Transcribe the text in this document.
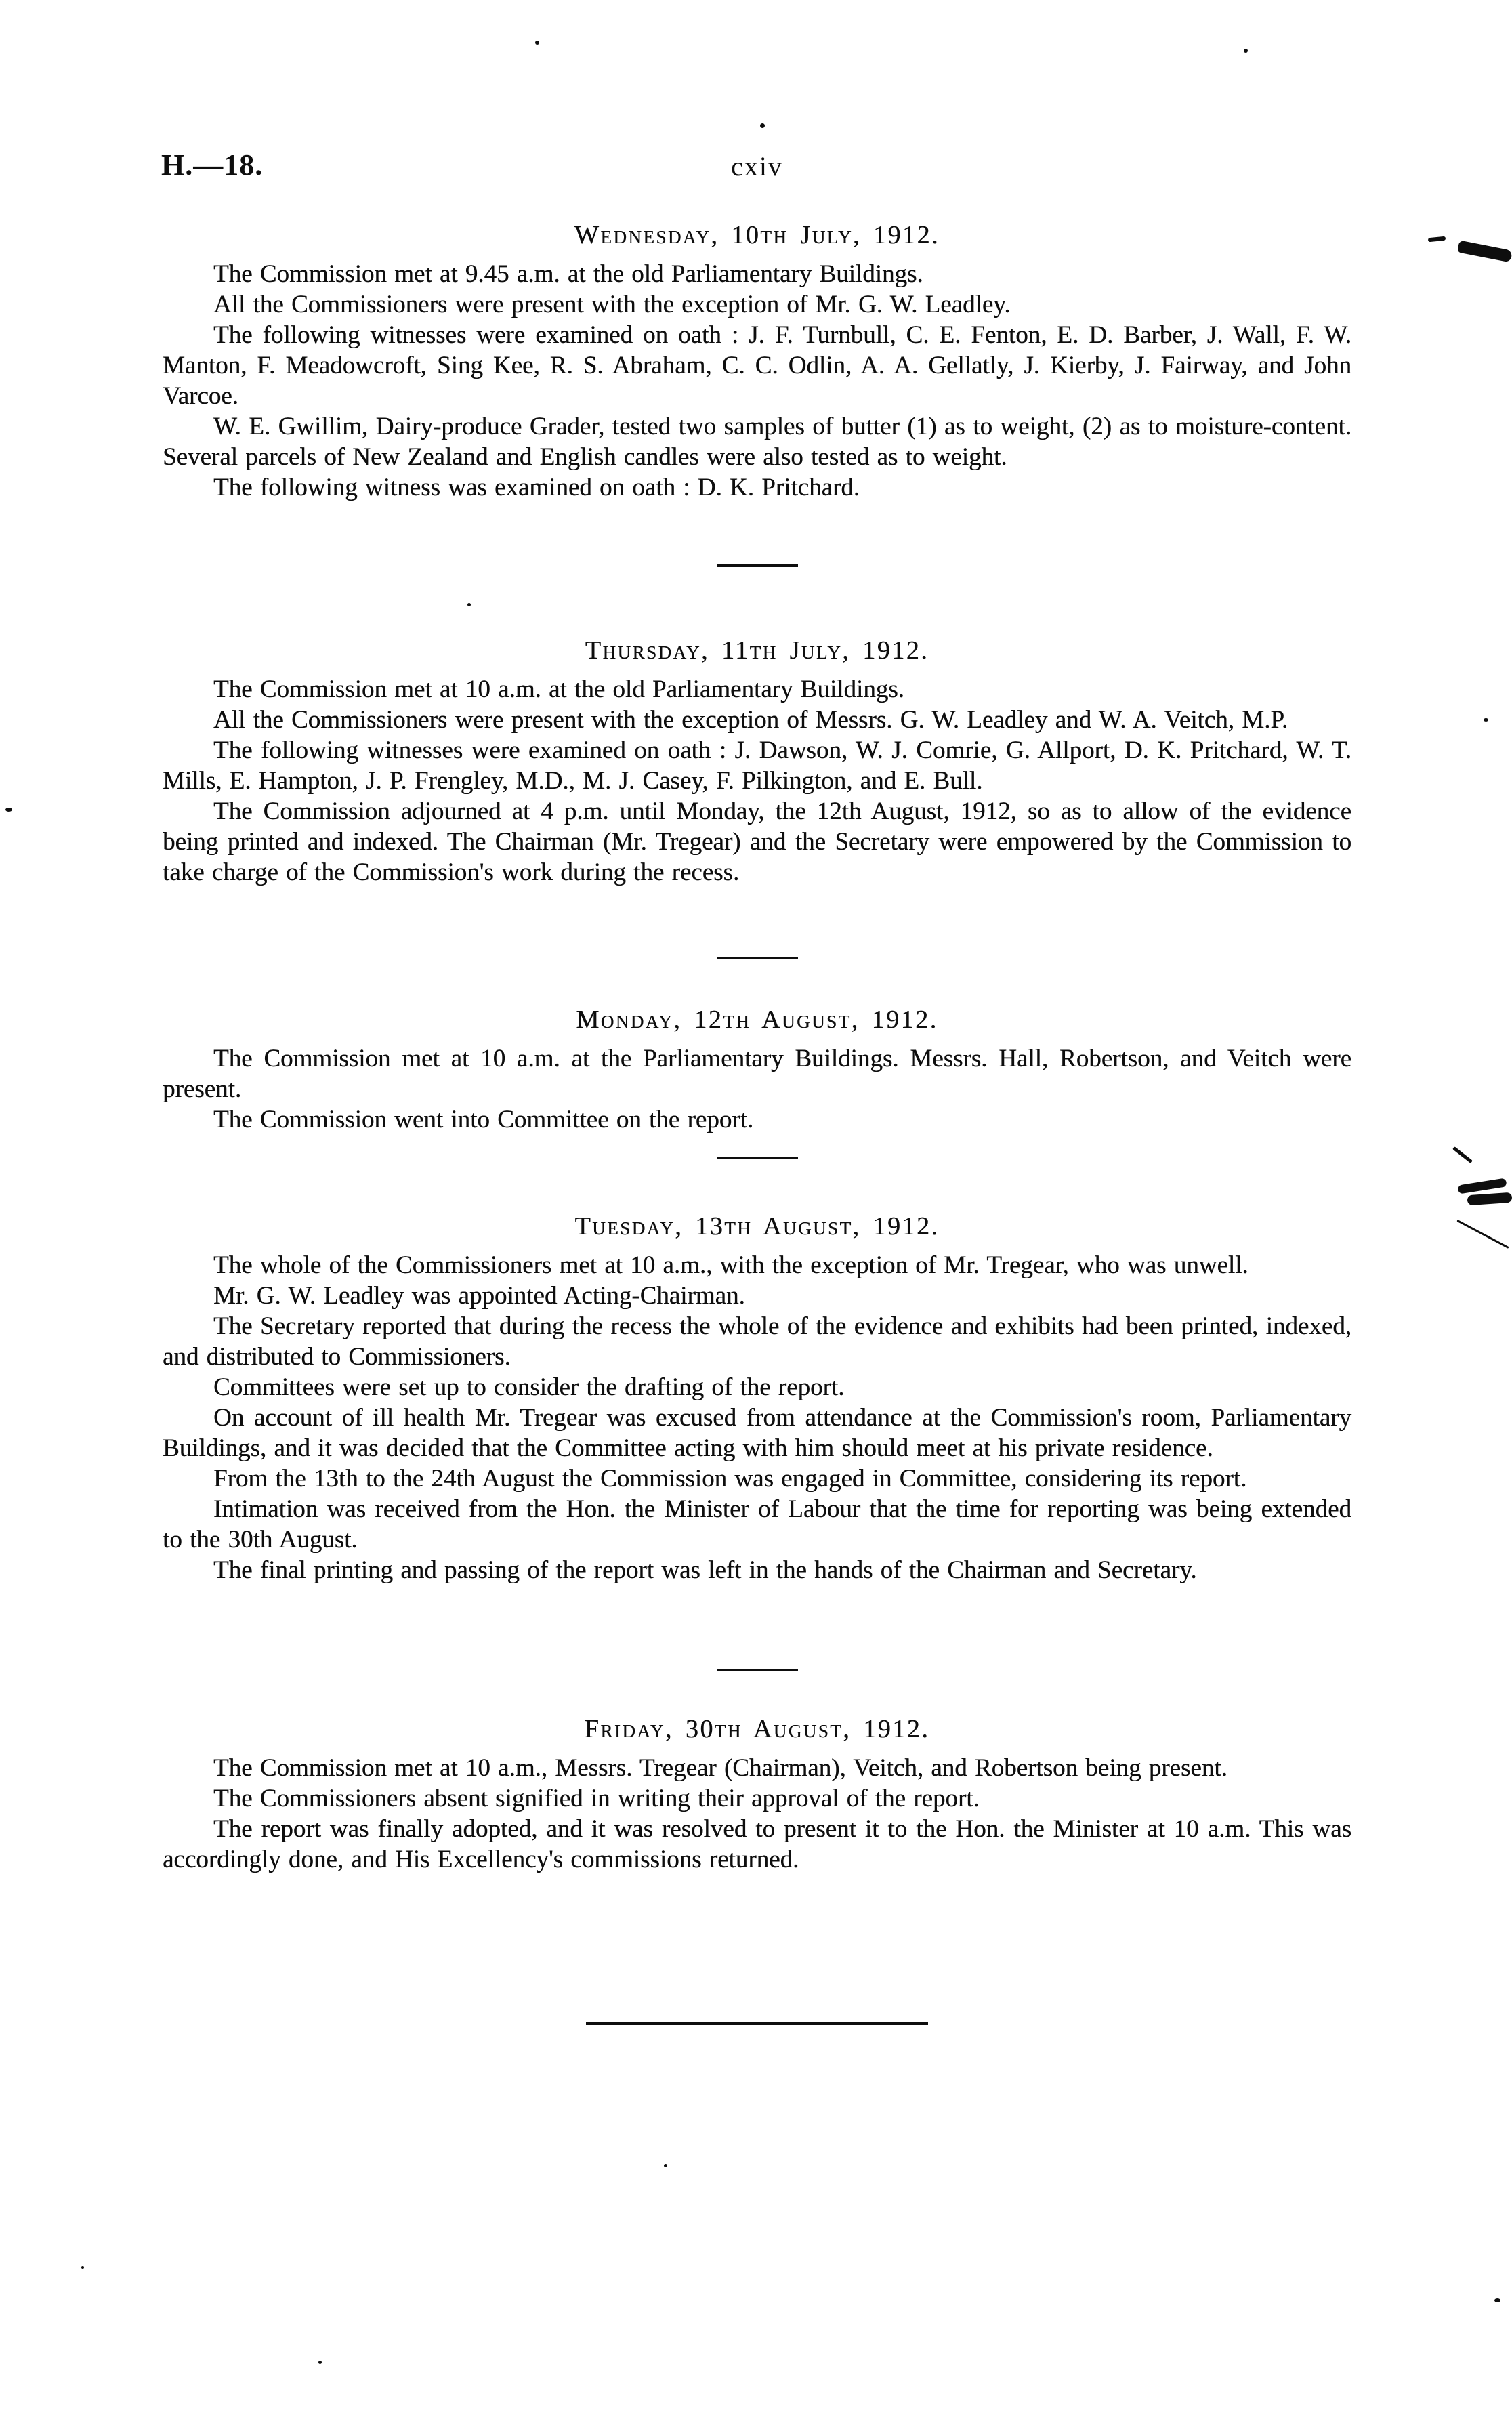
H.—18.	cxiv
Wednesday, 10th July, 1912.

The Commission met at 9.45 a.m. at the old Parliamentary Buildings.

All the Commissioners were present with the exception of Mr. G. W. Leadley.

The following witnesses were examined on oath : J. F. Turnbull, C. E. Fenton, E. D. Barber, J. Wall, F. W. Manton, F. Meadowcroft, Sing Kee, R. S. Abraham, C. C. Odlin, A. A. Gellatly, J. Kierby, J. Fairway, and John Varcoe.

W. E. Gwillim, Dairy-produce Grader, tested two samples of butter (1) as to weight, (2) as to moisture-content. Several parcels of New Zealand and English candles were also tested as to weight.

The following witness was examined on oath : D. K. Pritchard.

Thursday, 11th July, 1912.

The Commission met at 10 a.m. at the old Parliamentary Buildings.

All the Commissioners were present with the exception of Messrs. G. W. Leadley and W. A. Veitch, M.P.

The following witnesses were examined on oath : J. Dawson, W. J. Comrie, G. Allport, D. K. Pritchard, W. T. Mills, E. Hampton, J. P. Frengley, M.D., M. J. Casey, F. Pilkington, and E. Bull.

The Commission adjourned at 4 p.m. until Monday, the 12th August, 1912, so as to allow of the evidence being printed and indexed. The Chairman (Mr. Tregear) and the Secretary were empowered by the Commission to take charge of the Commission's work during the recess.

Monday, 12th August, 1912.

The Commission met at 10 a.m. at the Parliamentary Buildings. Messrs. Hall, Robertson, and Veitch were present.

The Commission went into Committee on the report.

Tuesday, 13th August, 1912.

The whole of the Commissioners met at 10 a.m., with the exception of Mr. Tregear, who was unwell.

Mr. G. W. Leadley was appointed Acting-Chairman.

The Secretary reported that during the recess the whole of the evidence and exhibits had been printed, indexed, and distributed to Commissioners.

Committees were set up to consider the drafting of the report.

On account of ill health Mr. Tregear was excused from attendance at the Commission's room, Parliamentary Buildings, and it was decided that the Committee acting with him should meet at his private residence.

From the 13th to the 24th August the Commission was engaged in Committee, considering its report.

Intimation was received from the Hon. the Minister of Labour that the time for reporting was being extended to the 30th August.

The final printing and passing of the report was left in the hands of the Chairman and Secretary.

Friday, 30th August, 1912.

The Commission met at 10 a.m., Messrs. Tregear (Chairman), Veitch, and Robertson being present.

The Commissioners absent signified in writing their approval of the report.

The report was finally adopted, and it was resolved to present it to the Hon. the Minister at 10 a.m. This was accordingly done, and His Excellency's commissions returned.
